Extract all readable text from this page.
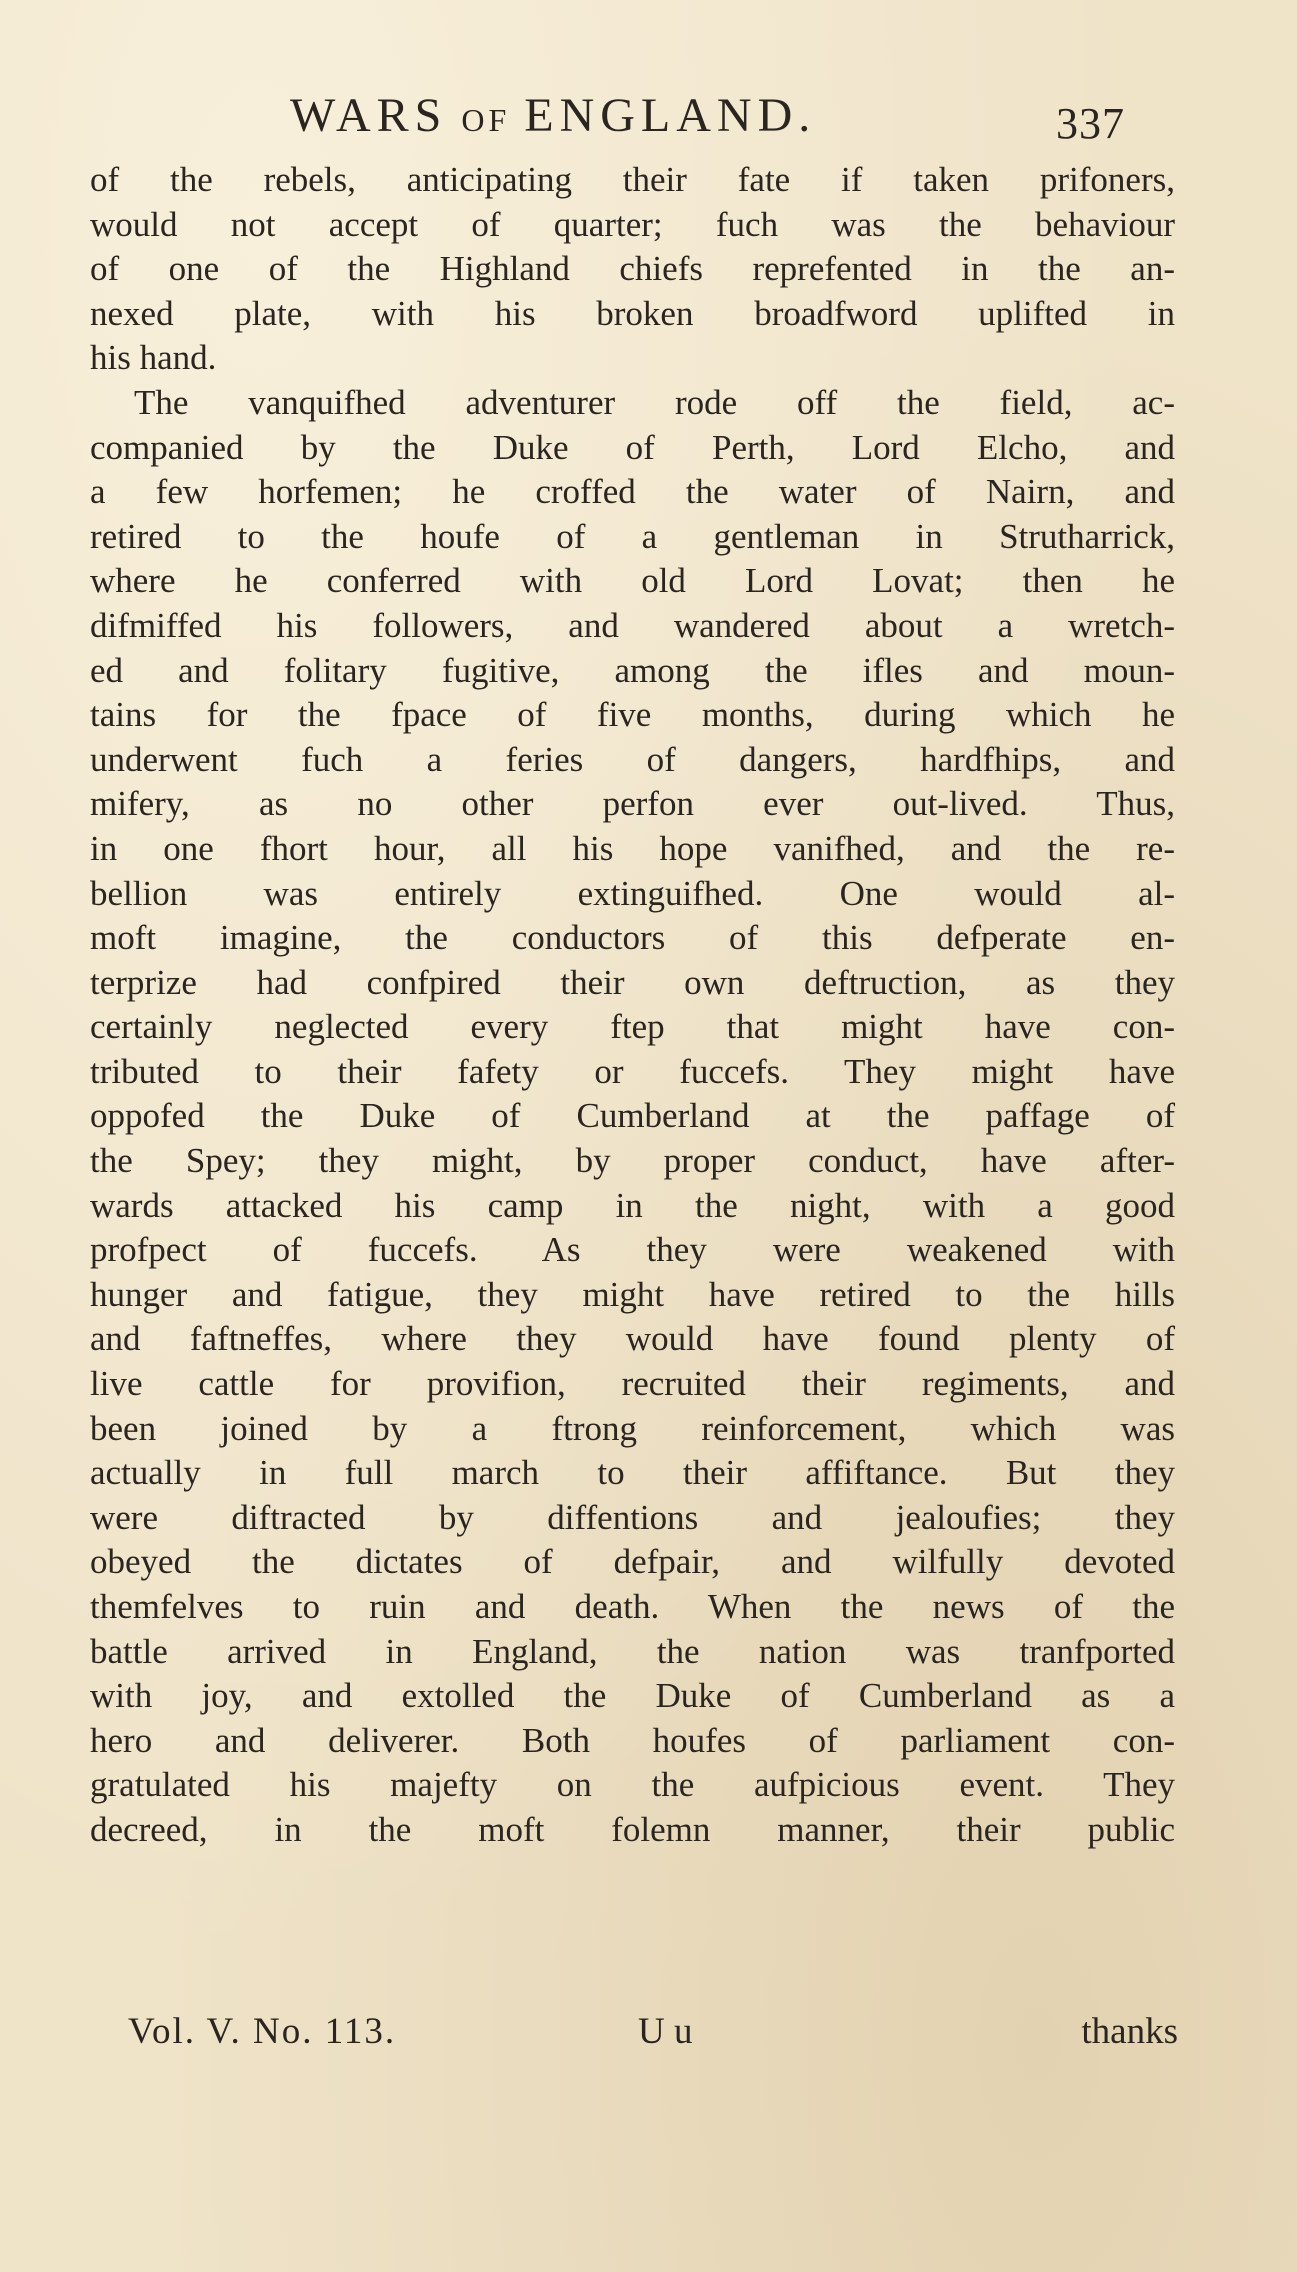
WARS OF ENGLAND.	337
of the rebels, anticipating their fate if taken prifoners,
would not accept of quarter; fuch was the behaviour
of one of the Highland chiefs reprefented in the an-
nexed plate, with his broken broadfword uplifted in
his hand.
The vanquifhed adventurer rode off the field, ac-
companied by the Duke of Perth, Lord Elcho, and
a few horfemen; he croffed the water of Nairn, and
retired to the houfe of a gentleman in Strutharrick,
where he conferred with old Lord Lovat; then he
difmiffed his followers, and wandered about a wretch-
ed and folitary fugitive, among the ifles and moun-
tains for the fpace of five months, during which he
underwent fuch a feries of dangers, hardfhips, and
mifery, as no other perfon ever out-lived. Thus,
in one fhort hour, all his hope vanifhed, and the re-
bellion was entirely extinguifhed. One would al-
moft imagine, the conductors of this defperate en-
terprize had confpired their own deftruction, as they
certainly neglected every ftep that might have con-
tributed to their fafety or fuccefs. They might have
oppofed the Duke of Cumberland at the paffage of
the Spey; they might, by proper conduct, have after-
wards attacked his camp in the night, with a good
profpect of fuccefs. As they were weakened with
hunger and fatigue, they might have retired to the hills
and faftneffes, where they would have found plenty of
live cattle for provifion, recruited their regiments, and
been joined by a ftrong reinforcement, which was
actually in full march to their affiftance. But they
were diftracted by diffentions and jealoufies; they
obeyed the dictates of defpair, and wilfully devoted
themfelves to ruin and death. When the news of the
battle arrived in England, the nation was tranfported
with joy, and extolled the Duke of Cumberland as a
hero and deliverer. Both houfes of parliament con-
gratulated his majefty on the aufpicious event. They
decreed, in the moft folemn manner, their public
Vol. V. No. 113.	U u	thanks
